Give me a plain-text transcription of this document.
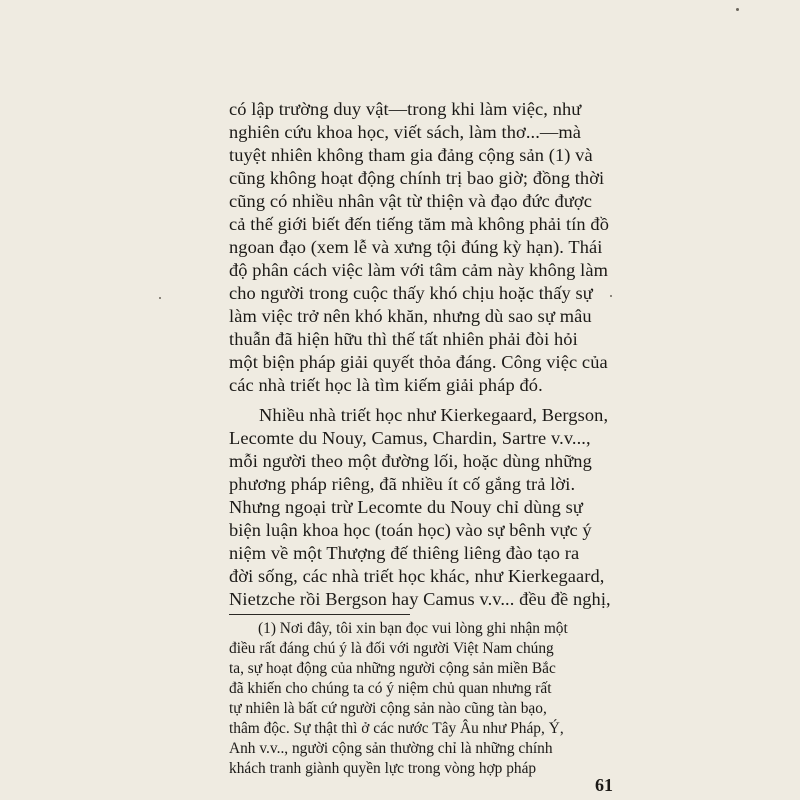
có lập trường duy vật—trong khi làm việc, như
nghiên cứu khoa học, viết sách, làm thơ...—mà
tuyệt nhiên không tham gia đảng cộng sản (1) và
cũng không hoạt động chính trị bao giờ; đồng thời
cũng có nhiều nhân vật từ thiện và đạo đức được
cả thế giới biết đến tiếng tăm mà không phải tín đồ
ngoan đạo (xem lễ và xưng tội đúng kỳ hạn). Thái
độ phân cách việc làm với tâm cảm này không làm
cho người trong cuộc thấy khó chịu hoặc thấy sự
làm việc trở nên khó khăn, nhưng dù sao sự mâu
thuẫn đã hiện hữu thì thế tất nhiên phải đòi hỏi
một biện pháp giải quyết thỏa đáng. Công việc của
các nhà triết học là tìm kiếm giải pháp đó.
Nhiều nhà triết học như Kierkegaard, Bergson,
Lecomte du Nouy, Camus, Chardin, Sartre v.v...,
mỗi người theo một đường lối, hoặc dùng những
phương pháp riêng, đã nhiều ít cố gắng trả lời.
Nhưng ngoại trừ Lecomte du Nouy chỉ dùng sự
biện luận khoa học (toán học) vào sự bênh vực ý
niệm về một Thượng đế thiêng liêng đào tạo ra
đời sống, các nhà triết học khác, như Kierkegaard,
Nietzche rồi Bergson hay Camus v.v... đều đề nghị,
(1) Nơi đây, tôi xin bạn đọc vui lòng ghi nhận một
điều rất đáng chú ý là đối với người Việt Nam chúng
ta, sự hoạt động của những người cộng sản miền Bắc
đã khiến cho chúng ta có ý niệm chủ quan nhưng rất
tự nhiên là bất cứ người cộng sản nào cũng tàn bạo,
thâm độc. Sự thật thì ở các nước Tây Âu như Pháp, Ý,
Anh v.v.., người cộng sản thường chỉ là những chính
khách tranh giành quyền lực trong vòng hợp pháp
61
